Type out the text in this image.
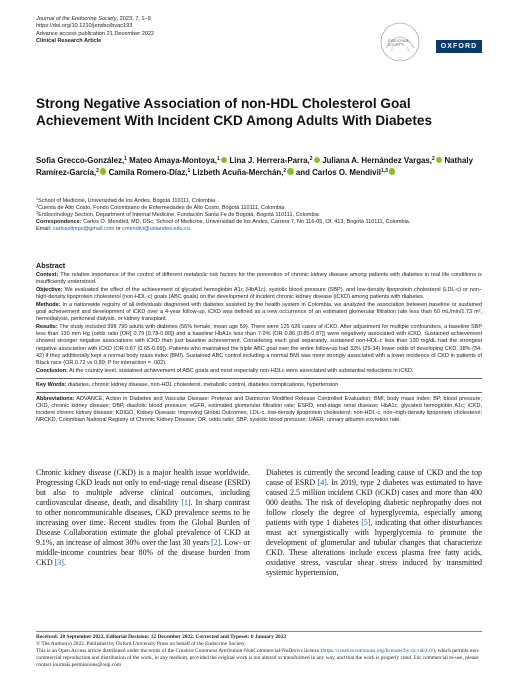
Journal of the Endocrine Society, 2023, 7, 1–9
https://doi.org/10.1210/jendso/bvac193
Advance access publication 21 December 2022
Clinical Research Article	ENDOCRINE SOCIETY	OXFORD
Strong Negative Association of non-HDL Cholesterol Goal Achievement With Incident CKD Among Adults With Diabetes
Sofia Grecco-González,$^1$ Mateo Amaya-Montoya,$^1$ Lina J. Herrera-Parra,$^2$ Juliana A. Hernández Vargas,$^2$ Nathaly Ramírez-García,$^2$ Camila Romero-Díaz,$^1$ Lizbeth Acuña-Merchán,$^2$ and Carlos O. Mendivil$^{1,3}$
$^1$School of Medicine, Universidad de los Andes, Bogotá 110111, Colombia
$^2$Cuenta de Alto Costo, Fondo Colombiano de Enfermedades de Alto Costo, Bogotá 110111, Colombia
$^3$Endocrinology Section, Department of Internal Medicine, Fundación Santa Fe de Bogotá, Bogotá 110111, Colombia
Correspondence: Carlos O. Mendivil, MD, DSc, School of Medicine, Universidad de los Andes, Carrera 7, No 116-05, Of. 413, Bogotá 110111, Colombia.
Email: carlosolimpo@gmail.com or cmendivi@uniandes.edu.co.
Abstract

Context: The relative importance of the control of different metabolic risk factors for the prevention of chronic kidney disease among patients with diabetes in real life conditions is insufficiently understood.

Objective: We evaluated the effect of the achievement of glycated hemoglobin A1c (HbA1c), systolic blood pressure (SBP), and low-density lipoprotein cholesterol (LDL-c) or non–high-density lipoprotein cholesterol (non-HDL-c) goals (ABC goals) on the development of incident chronic kidney disease (iCKD) among patients with diabetes.

Methods: In a nationwide registry of all individuals diagnosed with diabetes assisted by the health system in Colombia, we analyzed the association between baseline or sustained goal achievement and development of iCKD over a 4-year follow-up. iCKD was defined as a new occurrence of an estimated glomerular filtration rate less than 60 mL/min/1.73 m², hemodialysis, peritoneal dialysis, or kidney transplant.

Results: The study included 998 790 adults with diabetes (56% female, mean age 59). There were 125 626 cases of iCKD. After adjustment for multiple confounders, a baseline SBP less than 130 mm Hg (odds ratio [OR] 0.79 [0.78-0.80]) and a baseline HbA1c less than 7.0% (OR 0.86 [0.85-0.87]) were negatively associated with iCKD. Sustained achievement showed stronger negative associations with iCKD than just baseline achievement. Considering each goal separately, sustained non-HDL-c less than 130 mg/dL had the strongest negative association with iCKD (OR 0.67 (0.65-0.69]). Patients who maintained the triple ABC goal over the entire follow-up had 32% (29-34) lower odds of developing CKD, 38% (34-42) if they additionally kept a normal body mass index (BMI). Sustained ABC control including a normal BMI was more strongly associated with a lower incidence of CKD in patients of Black race (OR 0.72 vs 0.89; P for interaction = .002).

Conclusion: At the country level, sustained achievement of ABC goals and most especially non-HDLc were associated with substantial reductions in iCKD.

Key Words: diabetes, chronic kidney disease, non-HDL cholesterol, metabolic control, diabetes complications, hypertension

Abbreviations: ADVANCE, Action in Diabetes and Vascular Disease: Preterax and Diamicron Modified Release Controlled Evaluation; BMI, body mass index; BP, blood pressure; CKD, chronic kidney disease; DBP, diastolic blood pressure; eGFR, estimated glomerular filtration rate; ESRD, end-stage renal disease; HbA1c, glycated hemoglobin A1c; iCKD, incident chronic kidney disease; KDIGO, Kidney Disease: Improving Global Outcomes; LDL-c, low-density lipoprotein cholesterol; non-HDL-c, non–high-density lipoprotein cholesterol; NRCKD, Colombian National Registry of Chronic Kidney Disease; OR, odds ratio; SBP, systolic blood pressure; UAER, urinary albumin excretion rate.

Chronic kidney disease (CKD) is a major health issue worldwide. Progressing CKD leads not only to end-stage renal disease (ESRD) but also to multiple adverse clinical outcomes, including cardiovascular disease, death, and disability [1]. In sharp contrast to other noncommunicable diseases, CKD prevalence seems to be increasing over time. Recent studies from the Global Burden of Disease Collaboration estimate the global prevalence of CKD at 9.1%, an increase of almost 30% over the last 30 years [2]. Low- or middle-income countries bear 80% of the disease burden from CKD [3].
Diabetes is currently the second leading cause of CKD and the top cause of ESRD [4]. In 2019, type 2 diabetes was estimated to have caused 2.5 million incident CKD (iCKD) cases and more than 400 000 deaths. The risk of developing diabetic nephropathy does not follow closely the degree of hyperglycemia, especially among patients with type 1 diabetes [5], indicating that other disturbances must act synergistically with hyperglycemia to promote the development of glomerular and tubular changes that characterize CKD. These alterations include excess plasma free fatty acids, oxidative stress, vascular shear stress induced by transmitted systemic hypertension,
Received: 28 September 2022. Editorial Decision: 12 December 2022. Corrected and Typeset: 6 January 2023
© The Author(s) 2022. Published by Oxford University Press on behalf of the Endocrine Society.
This is an Open Access article distributed under the terms of the Creative Commons Attribution-NonCommercial-NoDerivs licence (https://creativecommons.org/licenses/by-nc-nd/4.0/), which permits non-commercial reproduction and distribution of the work, in any medium, provided the original work is not altered or transformed in any way, and that the work is properly cited. For commercial re-use, please contact journals.permissions@oup.com
